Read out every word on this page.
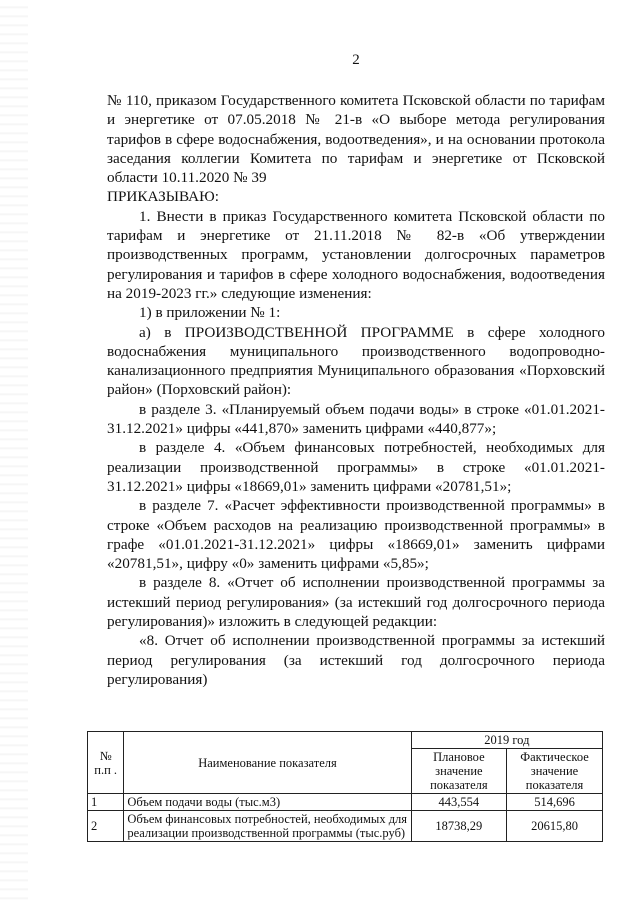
2

№ 110, приказом Государственного комитета Псковской области по тарифам и энергетике от 07.05.2018 № 21-в «О выборе метода регулирования тарифов в сфере водоснабжения, водоотведения», и на основании протокола заседания коллегии Комитета по тарифам и энергетике от Псковской области 10.11.2020 № 39

ПРИКАЗЫВАЮ:

1. Внести в приказ Государственного комитета Псковской области по тарифам и энергетике от 21.11.2018 № 82-в «Об утверждении производственных программ, установлении долгосрочных параметров регулирования и тарифов в сфере холодного водоснабжения, водоотведения на 2019-2023 гг.» следующие изменения:

1) в приложении № 1:

а) в ПРОИЗВОДСТВЕННОЙ ПРОГРАММЕ в сфере холодного водоснабжения муниципального производственного водопроводно-канализационного предприятия Муниципального образования «Порховский район» (Порховский район):

в разделе 3. «Планируемый объем подачи воды» в строке «01.01.2021-31.12.2021» цифры «441,870» заменить цифрами «440,877»;

в разделе 4. «Объем финансовых потребностей, необходимых для реализации производственной программы» в строке «01.01.2021-31.12.2021» цифры «18669,01» заменить цифрами «20781,51»;

в разделе 7. «Расчет эффективности производственной программы» в строке «Объем расходов на реализацию производственной программы» в графе «01.01.2021-31.12.2021» цифры «18669,01» заменить цифрами «20781,51», цифру «0» заменить цифрами «5,85»;

в разделе 8. «Отчет об исполнении производственной программы за истекший период регулирования» (за истекший год долгосрочного периода регулирования)» изложить в следующей редакции:

«8. Отчет об исполнении производственной программы за истекший период регулирования (за истекший год долгосрочного периода регулирования)

№ п.п .	Наименование показателя	2019 год	
		Плановое значение показателя	Фактическое значение показателя
1	Объем подачи воды (тыс.м3)	443,554	514,696
2	Объем финансовых потребностей, необходимых для реализации производственной программы (тыс.руб)	18738,29	20615,80
